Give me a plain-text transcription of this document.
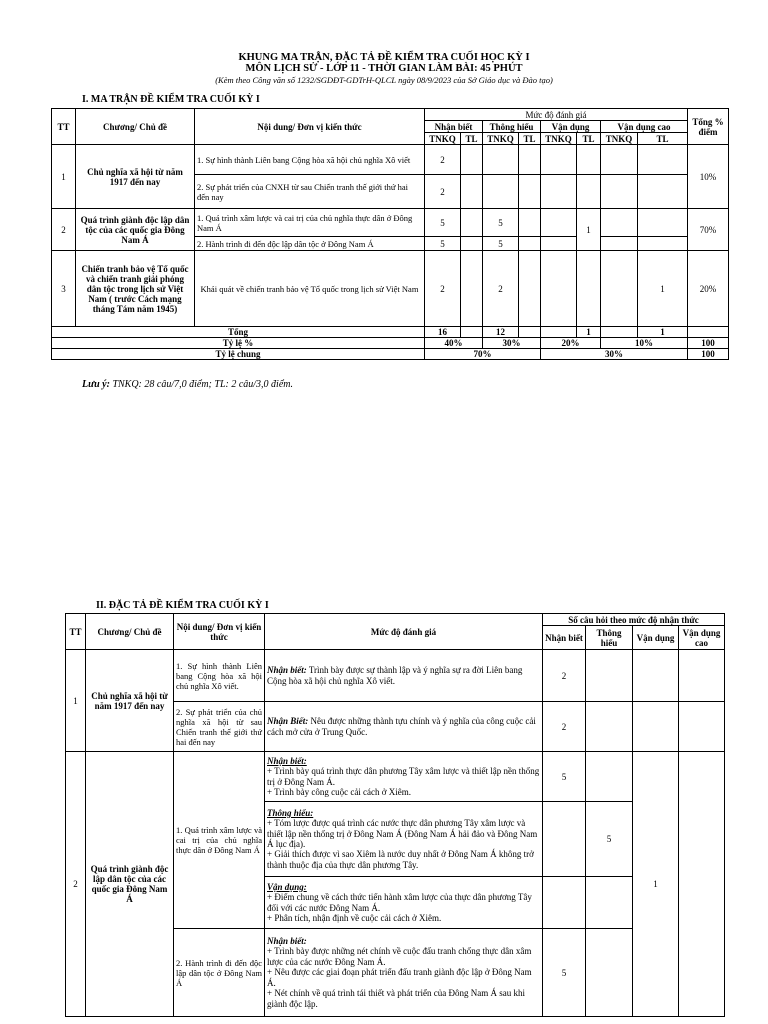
KHUNG MA TRẬN, ĐẶC TẢ ĐỀ KIỂM TRA CUỐI HỌC KỲ I
MÔN LỊCH SỬ - LỚP 11 - THỜI GIAN LÀM BÀI: 45 PHÚT
(Kèm theo Công văn số 1232/SGDĐT-GDTrH-QLCL ngày 08/9/2023 của Sở Giáo dục và Đào tạo)
I. MA TRẬN ĐỀ KIỂM TRA CUỐI KỲ I
TT	Chương/ Chủ đề	Nội dung/ Đơn vị kiến thức	Mức độ đánh giá								Tổng % điểm
			Nhận biết		Thông hiểu		Vận dụng		Vận dụng cao		
			TNKQ	TL	TNKQ	TL	TNKQ	TL	TNKQ	TL	
1	Chủ nghĩa xã hội từ năm 1917 đến nay	1. Sự hình thành Liên bang Cộng hòa xã hội chủ nghĩa Xô viết	2								10%
		2. Sự phát triển của CNXH từ sau Chiến tranh thế giới thứ hai đến nay	2								
2	Quá trình giành độc lập dân tộc của các quốc gia Đông Nam Á	1. Quá trình xâm lược và cai trị của chủ nghĩa thực dân ở Đông Nam Á	5		5			1			70%
		2. Hành trình đi đến độc lập dân tộc ở Đông Nam Á	5		5						
3	Chiến tranh bảo vệ Tổ quốc và chiến tranh giải phóng dân tộc trong lịch sử Việt Nam ( trước Cách mạng tháng Tám năm 1945)	Khái quát về chiến tranh bảo vệ Tổ quốc trong lịch sử Việt Nam	2		2					1	20%
Tổng			16		12			1		1	
Tỷ lệ %			40%		30%		20%		10%		100
Tỷ lệ chung			70%				30%				100
Lưu ý: TNKQ: 28 câu/7,0 điểm; TL: 2 câu/3,0 điểm.
II. ĐẶC TẢ ĐỀ KIỂM TRA CUỐI KỲ I
TT	Chương/ Chủ đề	Nội dung/ Đơn vị kiến thức	Mức độ đánh giá	Số câu hỏi theo mức độ nhận thức			
				Nhận biết	Thông hiểu	Vận dụng	Vận dụng cao
1	Chủ nghĩa xã hội từ năm 1917 đến nay	1. Sự hình thành Liên bang Cộng hòa xã hội chủ nghĩa Xô viết.	Nhận biết: Trình bày được sự thành lập và ý nghĩa sự ra đời Liên bang Cộng hòa xã hội chủ nghĩa Xô viết.	2			
		2. Sự phát triển của chủ nghĩa xã hội từ sau Chiến tranh thế giới thứ hai đến nay	Nhận Biết: Nêu được những thành tựu chính và ý nghĩa của công cuộc cải cách mở cửa ở Trung Quốc.	2			
2	Quá trình giành độc lập dân tộc của các quốc gia Đông Nam Á	1. Quá trình xâm lược và cai trị của chủ nghĩa thực dân ở Đông Nam Á	Nhận biết:
+ Trình bày quá trình thực dân phương Tây xâm lược và thiết lập nền thống trị ở Đông Nam Á.
+ Trình bày công cuộc cải cách ở Xiêm.	5		1	

			Thông hiểu:
+ Tóm lược được quá trình các nước thực dân phương Tây xâm lược và thiết lập nền thống trị ở Đông Nam Á (Đông Nam Á hải đảo và Đông Nam Á lục địa).
+ Giải thích được vì sao Xiêm là nước duy nhất ở Đông Nam Á không trở thành thuộc địa của thực dân phương Tây.		5		

			Vận dụng:
+ Điểm chung về cách thức tiến hành xâm lược của thực dân phương Tây đối với các nước Đông Nam Á.
+ Phân tích, nhận định về cuộc cải cách ở Xiêm.				

		2. Hành trình đi đến độc lập dân tộc ở Đông Nam Á	Nhận biết:
+ Trình bày được những nét chính về cuộc đấu tranh chống thực dân xâm lược của các nước Đông Nam Á.
+ Nêu được các giai đoạn phát triển đấu tranh giành độc lập ở Đông Nam Á.
+ Nét chính về quá trình tái thiết và phát triển của Đông Nam Á sau khi giành độc lập.	5			
